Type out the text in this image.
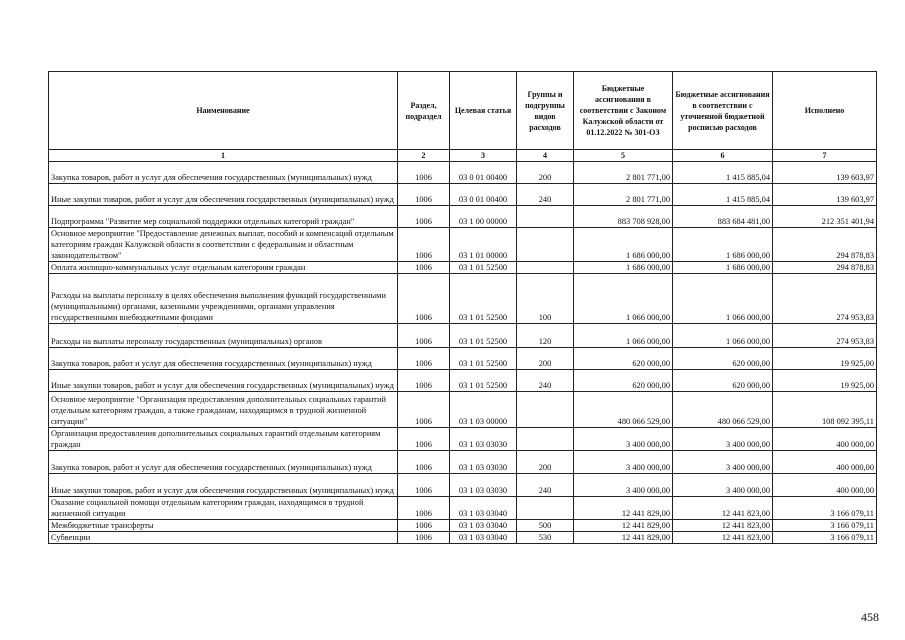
Наименование	Раздел, подраздел	Целевая статья	Группы и подгруппы видов расходов	Бюджетные ассигнования в соответствии с Законом Калужской области от 01.12.2022 № 301-ОЗ	Бюджетные ассигнования в соответствии с уточненной бюджетной росписью расходов	Исполнено
1	2	3	4	5	6	7
Закупка товаров, работ и услуг для обеспечения государственных (муниципальных) нужд	1006	03 0 01 00400	200	2 801 771,00	1 415 885,04	139 603,97
Иные закупки товаров, работ и услуг для обеспечения государственных (муниципальных) нужд	1006	03 0 01 00400	240	2 801 771,00	1 415 885,04	139 603,97
Подпрограмма "Развитие мер социальной поддержки отдельных категорий граждан"	1006	03 1 00 00000		883 708 928,00	883 684 481,00	212 351 401,94
Основное мероприятие "Предоставление денежных выплат, пособий и компенсаций отдельным категориям граждан Калужской области в соответствии с федеральным и областным законодательством"	1006	03 1 01 00000		1 686 000,00	1 686 000,00	294 878,83
Оплата жилищно-коммунальных услуг отдельным категориям граждан	1006	03 1 01 52500		1 686 000,00	1 686 000,00	294 878,83
Расходы на выплаты персоналу в целях обеспечения выполнения функций государственными (муниципальными) органами, казенными учреждениями, органами управления государственными внебюджетными фондами	1006	03 1 01 52500	100	1 066 000,00	1 066 000,00	274 953,83
Расходы на выплаты персоналу государственных (муниципальных) органов	1006	03 1 01 52500	120	1 066 000,00	1 066 000,00	274 953,83
Закупка товаров, работ и услуг для обеспечения государственных (муниципальных) нужд	1006	03 1 01 52500	200	620 000,00	620 000,00	19 925,00
Иные закупки товаров, работ и услуг для обеспечения государственных (муниципальных) нужд	1006	03 1 01 52500	240	620 000,00	620 000,00	19 925,00
Основное мероприятие "Организация предоставления дополнительных социальных гарантий отдельным категориям граждан, а также гражданам, находящимся в трудной жизненной ситуации"	1006	03 1 03 00000		480 066 529,00	480 066 529,00	108 092 395,11
Организация предоставления дополнительных социальных гарантий отдельным категориям граждан	1006	03 1 03 03030		3 400 000,00	3 400 000,00	400 000,00
Закупка товаров, работ и услуг для обеспечения государственных (муниципальных) нужд	1006	03 1 03 03030	200	3 400 000,00	3 400 000,00	400 000,00
Иные закупки товаров, работ и услуг для обеспечения государственных (муниципальных) нужд	1006	03 1 03 03030	240	3 400 000,00	3 400 000,00	400 000,00
Оказание социальной помощи отдельным категориям граждан, находящимся в трудной жизненной ситуации	1006	03 1 03 03040		12 441 829,00	12 441 823,00	3 166 079,11
Межбюджетные трансферты	1006	03 1 03 03040	500	12 441 829,00	12 441 823,00	3 166 079,11
Субвенции	1006	03 1 03 03040	530	12 441 829,00	12 441 823,00	3 166 079,11
458
